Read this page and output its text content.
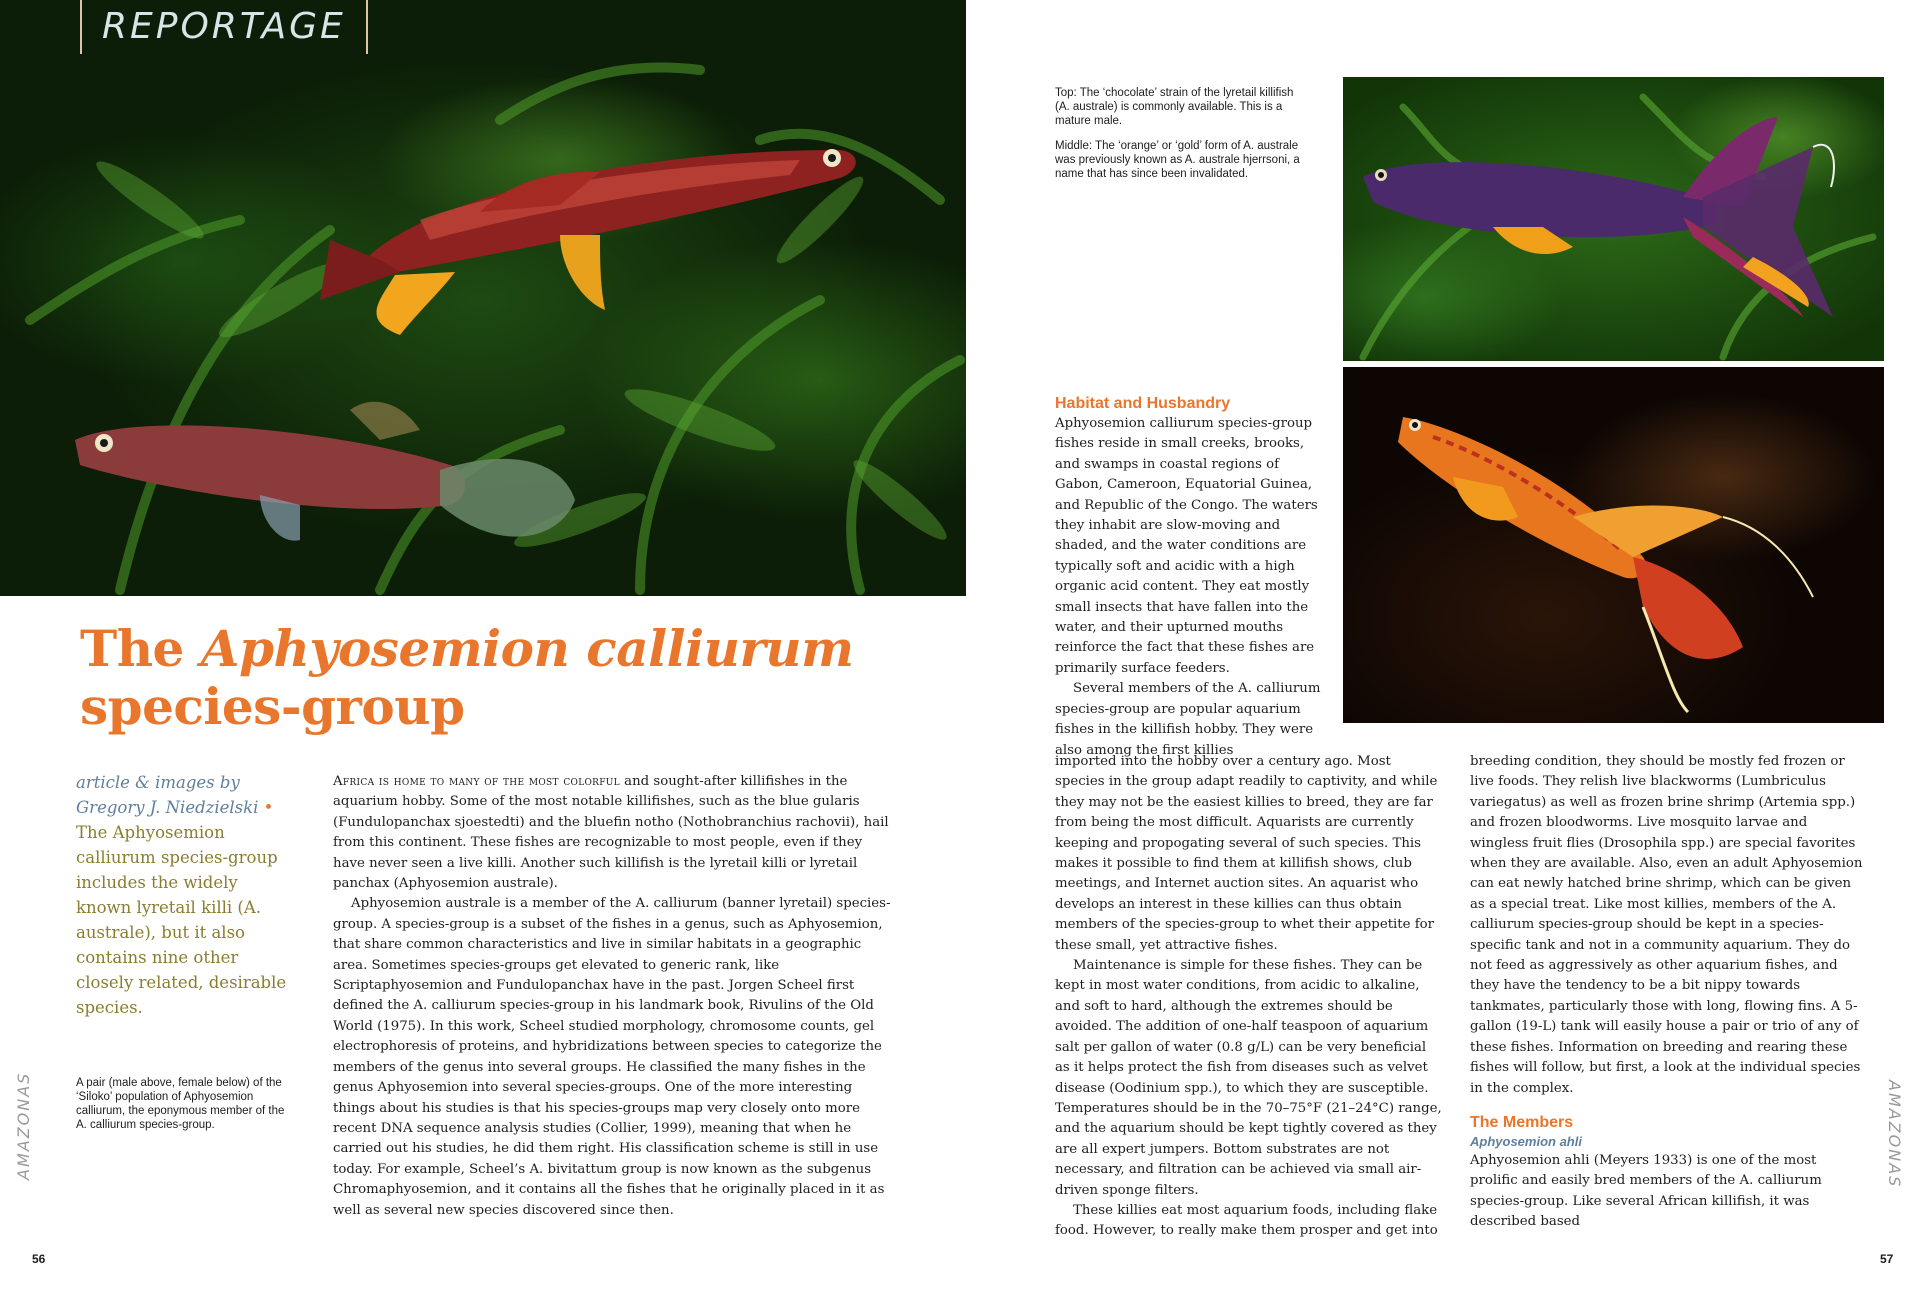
REPORTAGE
The Aphyosemion calliurum
species-group
article & images by
Gregory J. Niedzielski •
The Aphyosemion calliurum species-group includes the widely known lyretail killi (A. australe), but it also contains nine other closely related, desirable species.
A pair (male above, female below) of the ‘Siloko’ population of Aphyosemion calliurum, the eponymous member of the A. calliurum species-group.

Africa is home to many of the most colorful and sought-after killifishes in the aquarium hobby. Some of the most notable killifishes, such as the blue gularis (Fundulopanchax sjoestedti) and the bluefin notho (Nothobranchius rachovii), hail from this continent. These fishes are recognizable to most people, even if they have never seen a live killi. Another such killifish is the lyretail killi or lyretail panchax (Aphyosemion australe).

Aphyosemion australe is a member of the A. calliurum (banner lyretail) species-group. A species-group is a subset of the fishes in a genus, such as Aphyosemion, that share common characteristics and live in similar habitats in a geographic area. Sometimes species-groups get elevated to generic rank, like Scriptaphyosemion and Fundulopanchax have in the past. Jorgen Scheel first defined the A. calliurum species-group in his landmark book, Rivulins of the Old World (1975). In this work, Scheel studied morphology, chromosome counts, gel electrophoresis of proteins, and hybridizations between species to categorize the members of the genus into several groups. He classified the many fishes in the genus Aphyosemion into several species-groups. One of the more interesting things about his studies is that his species-groups map very closely onto more recent DNA sequence analysis studies (Collier, 1999), meaning that when he carried out his studies, he did them right. His classification scheme is still in use today. For example, Scheel’s A. bivitattum group is now known as the subgenus Chromaphyosemion, and it contains all the fishes that he originally placed in it as well as several new species discovered since then.

AMAZONAS
56

Top: The ‘chocolate’ strain of the lyretail killifish (A. australe) is commonly available. This is a mature male.

Middle: The ‘orange’ or ‘gold’ form of A. australe was previously known as A. australe hjerrsoni, a name that has since been invalidated.

Habitat and Husbandry

Aphyosemion calliurum species-group fishes reside in small creeks, brooks, and swamps in coastal regions of Gabon, Cameroon, Equatorial Guinea, and Republic of the Congo. The waters they inhabit are slow-moving and shaded, and the water conditions are typically soft and acidic with a high organic acid content. They eat mostly small insects that have fallen into the water, and their upturned mouths reinforce the fact that these fishes are primarily surface feeders.

Several members of the A. calliurum species-group are popular aquarium fishes in the killifish hobby. They were also among the first killies

imported into the hobby over a century ago. Most species in the group adapt readily to captivity, and while they may not be the easiest killies to breed, they are far from being the most difficult. Aquarists are currently keeping and propogating several of such species. This makes it possible to find them at killifish shows, club meetings, and Internet auction sites. An aquarist who develops an interest in these killies can thus obtain members of the species-group to whet their appetite for these small, yet attractive fishes.

Maintenance is simple for these fishes. They can be kept in most water conditions, from acidic to alkaline, and soft to hard, although the extremes should be avoided. The addition of one-half teaspoon of aquarium salt per gallon of water (0.8 g/L) can be very beneficial as it helps protect the fish from diseases such as velvet disease (Oodinium spp.), to which they are susceptible. Temperatures should be in the 70–75°F (21–24°C) range, and the aquarium should be kept tightly covered as they are all expert jumpers. Bottom substrates are not necessary, and filtration can be achieved via small air-driven sponge filters.

These killies eat most aquarium foods, including flake food. However, to really make them prosper and get into

breeding condition, they should be mostly fed frozen or live foods. They relish live blackworms (Lumbriculus variegatus) as well as frozen brine shrimp (Artemia spp.) and frozen bloodworms. Live mosquito larvae and wingless fruit flies (Drosophila spp.) are special favorites when they are available. Also, even an adult Aphyosemion can eat newly hatched brine shrimp, which can be given as a special treat. Like most killies, members of the A. calliurum species-group should be kept in a species-specific tank and not in a community aquarium. They do not feed as aggressively as other aquarium fishes, and they have the tendency to be a bit nippy towards tankmates, particularly those with long, flowing fins. A 5-gallon (19-L) tank will easily house a pair or trio of any of these fishes. Information on breeding and rearing these fishes will follow, but first, a look at the individual species in the complex.

The Members
Aphyosemion ahli

Aphyosemion ahli (Meyers 1933) is one of the most prolific and easily bred members of the A. calliurum species-group. Like several African killifish, it was described based

AMAZONAS
57
